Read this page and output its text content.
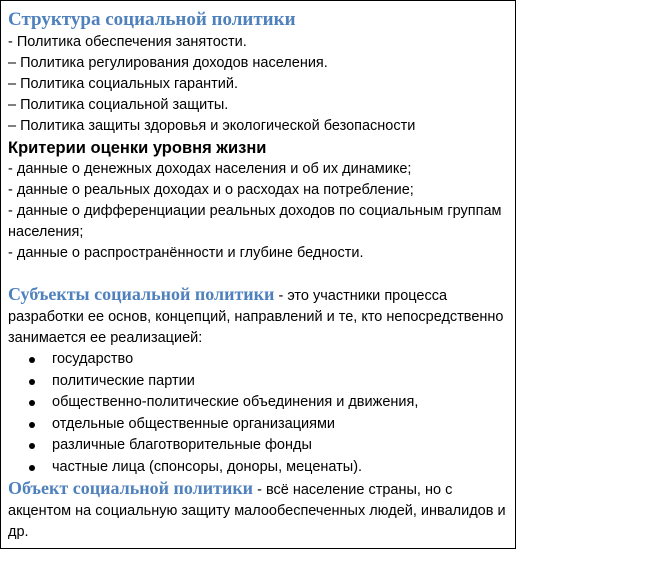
Структура социальной политики

- Политика обеспечения занятости.

– Политика регулирования доходов населения.

– Политика социальных гарантий.

– Политика социальной защиты.

– Политика защиты здоровья и экологической безопасности

Критерии оценки уровня жизни

- данные о денежных доходах населения и об их динамике;

- данные о реальных доходах и о расходах на потребление;

- данные о дифференциации реальных доходов по социальным группам населения;

- данные о распространённости и глубине бедности.

Субъекты социальной политики - это участники процесса разработки ее основ, концепций, направлений и те, кто непосредственно занимается ее реализацией:

государство
политические партии
общественно-политические объединения и движения,
отдельные общественные организациями
различные благотворительные фонды
частные лица (спонсоры, доноры, меценаты).

Объект социальной политики - всё население страны, но с акцентом на социальную защиту малообеспеченных людей, инвалидов и др.
